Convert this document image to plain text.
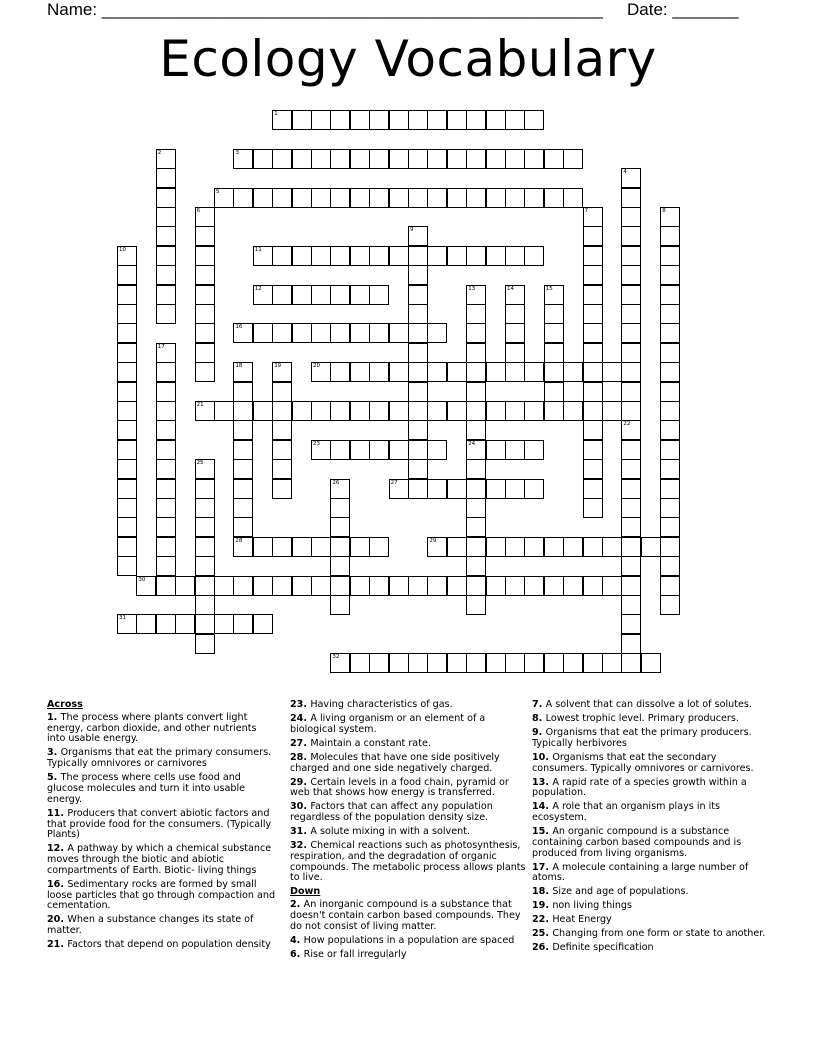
Name: _____________________________________________________ Date: _______
Ecology Vocabulary
1
2	3
4
5
6	7	8
9
10	11
12	13
24
14	15
16
17
18	19	20
21
22
23
25
26	27
28	29
30
31
32
Across
1. The process where plants convert light energy, carbon dioxide, and other nutrients into usable energy.
3. Organisms that eat the primary consumers. Typically omnivores or carnivores
5. The process where cells use food and glucose molecules and turn it into usable energy.
11. Producers that convert abiotic factors and that provide food for the consumers. (Typically Plants)
12. A pathway by which a chemical substance moves through the biotic and abiotic compartments of Earth. Biotic- living things
16. Sedimentary rocks are formed by small loose particles that go through compaction and cementation.
20. When a substance changes its state of matter.
21. Factors that depend on population density
23. Having characteristics of gas.
24. A living organism or an element of a biological system.
27. Maintain a constant rate.
28. Molecules that have one side positively charged and one side negatively charged.
29. Certain levels in a food chain, pyramid or web that shows how energy is transferred.
30. Factors that can affect any population regardless of the population density size.
31. A solute mixing in with a solvent.
32. Chemical reactions such as photosynthesis, respiration, and the degradation of organic compounds. The metabolic process allows plants to live.
Down
2. An inorganic compound is a substance that doesn't contain carbon based compounds. They do not consist of living matter.
4. How populations in a population are spaced
6. Rise or fall irregularly
7. A solvent that can dissolve a lot of solutes.
8. Lowest trophic level. Primary producers.
9. Organisms that eat the primary producers. Typically herbivores
10. Organisms that eat the secondary consumers. Typically omnivores or carnivores.
13. A rapid rate of a species growth within a population.
14. A role that an organism plays in its ecosystem.
15. An organic compound is a substance containing carbon based compounds and is produced from living organisms.
17. A molecule containing a large number of atoms.
18. Size and age of populations.
19. non living things
22. Heat Energy
25. Changing from one form or state to another.
26. Definite specification
